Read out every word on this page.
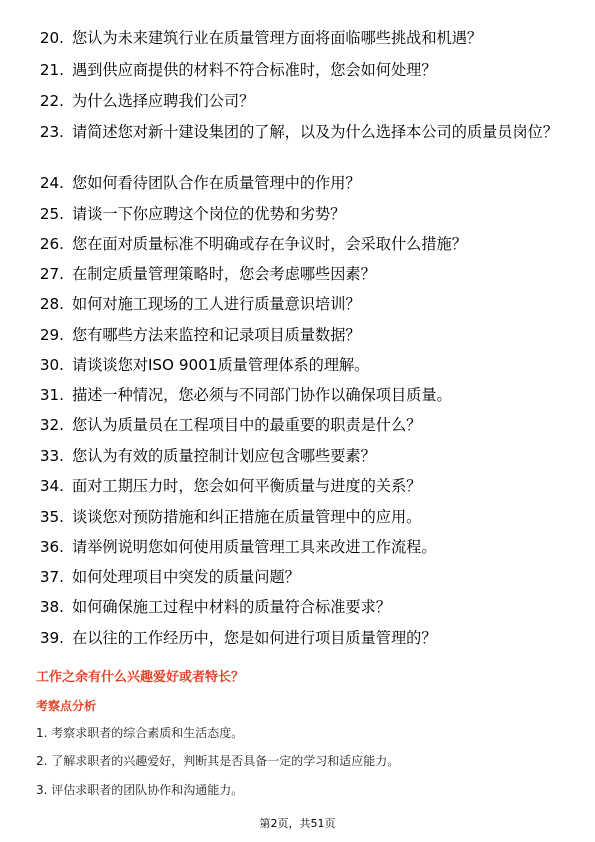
20. 您认为未来建筑行业在质量管理方面将面临哪些挑战和机遇？
21. 遇到供应商提供的材料不符合标准时，您会如何处理？
22. 为什么选择应聘我们公司？
23. 请简述您对新十建设集团的了解，以及为什么选择本公司的质量员岗位？
24. 您如何看待团队合作在质量管理中的作用？
25. 请谈一下你应聘这个岗位的优势和劣势？
26. 您在面对质量标准不明确或存在争议时，会采取什么措施？
27. 在制定质量管理策略时，您会考虑哪些因素？
28. 如何对施工现场的工人进行质量意识培训？
29. 您有哪些方法来监控和记录项目质量数据？
30. 请谈谈您对ISO 9001质量管理体系的理解。
31. 描述一种情况，您必须与不同部门协作以确保项目质量。
32. 您认为质量员在工程项目中的最重要的职责是什么？
33. 您认为有效的质量控制计划应包含哪些要素？
34. 面对工期压力时，您会如何平衡质量与进度的关系？
35. 谈谈您对预防措施和纠正措施在质量管理中的应用。
36. 请举例说明您如何使用质量管理工具来改进工作流程。
37. 如何处理项目中突发的质量问题？
38. 如何确保施工过程中材料的质量符合标准要求？
39. 在以往的工作经历中，您是如何进行项目质量管理的？
工作之余有什么兴趣爱好或者特长？
考察点分析
1. 考察求职者的综合素质和生活态度。
2. 了解求职者的兴趣爱好，判断其是否具备一定的学习和适应能力。
3. 评估求职者的团队协作和沟通能力。
第2页，共51页
